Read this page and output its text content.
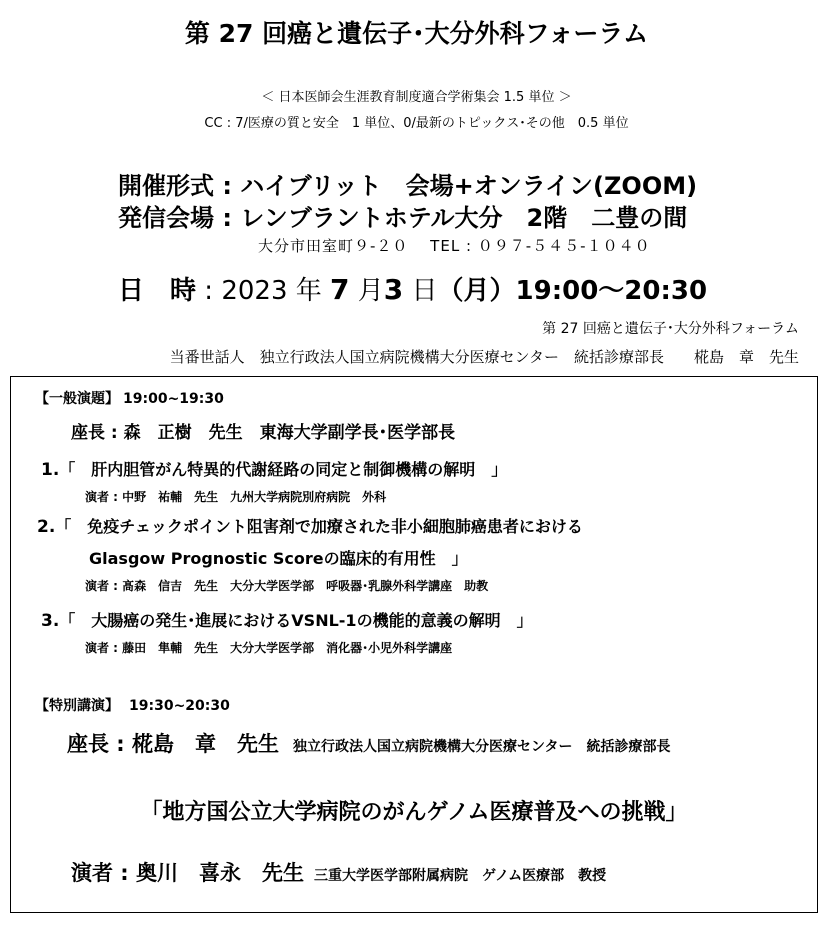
第 27 回癌と遺伝子･大分外科フォーラム
＜ 日本医師会生涯教育制度適合学術集会 1.5 単位 ＞
CC : 7/医療の質と安全　1 単位、0/最新のトピックス･その他　0.5 単位
開催形式 : ハイブリット　会場+オンライン(ZOOM)
発信会場 : レンブラントホテル大分　2階　二豊の間
大分市田室町９-２０　 TEL : ０９７-５４５-１０４０
日　時 : 2023 年 7 月3 日（月）19:00～20:30
第 27 回癌と遺伝子･大分外科フォーラム
当番世話人　独立行政法人国立病院機構大分医療センター　統括診療部長　　椛島　章　先生
【一般演題】 19:00~19:30
座長 : 森　正樹　先生　東海大学副学長･医学部長
1.「　肝内胆管がん特異的代謝経路の同定と制御機構の解明　」
演者 : 中野　祐輔　先生　九州大学病院別府病院　外科
2.「　免疫チェックポイント阻害剤で加療された非小細胞肺癌患者における
Glasgow Prognostic Scoreの臨床的有用性　」
演者 : 髙森　信吉　先生　大分大学医学部　呼吸器･乳腺外科学講座　助教
3.「　大腸癌の発生･進展におけるVSNL-1の機能的意義の解明　」
演者 : 藤田　隼輔　先生　大分大学医学部　消化器･小児外科学講座
【特別講演】 19:30~20:30
座長 : 椛島　章　先生 独立行政法人国立病院機構大分医療センター　統括診療部長
「地方国公立大学病院のがんゲノム医療普及への挑戦」
演者 : 奥川　喜永　先生 三重大学医学部附属病院　ゲノム医療部　教授
